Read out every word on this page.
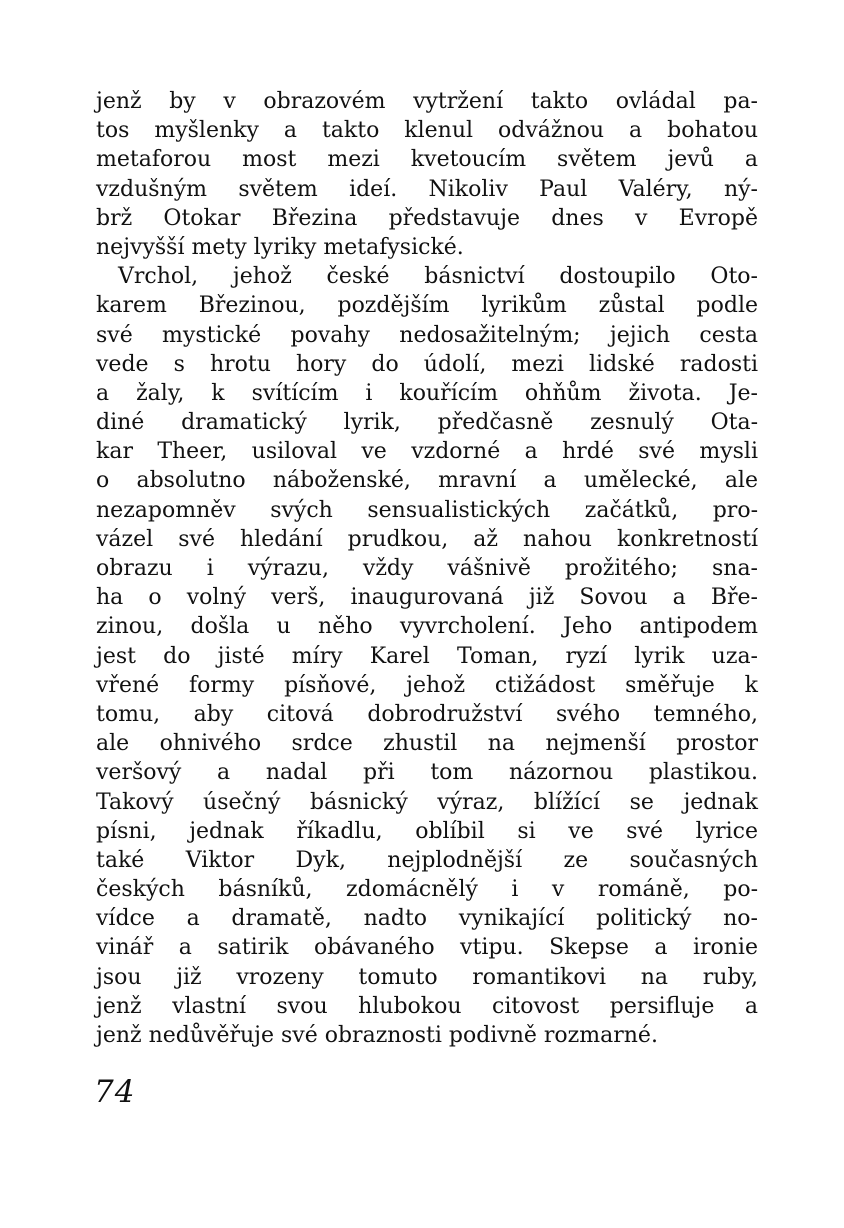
jenž by v obrazovém vytržení takto ovládal pa-
tos myšlenky a takto klenul odvážnou a bohatou
metaforou most mezi kvetoucím světem jevů a
vzdušným světem ideí. Nikoliv Paul Valéry, ný-
brž Otokar Březina představuje dnes v Evropě
nejvyšší mety lyriky metafysické.
Vrchol, jehož české básnictví dostoupilo Oto-
karem Březinou, pozdějším lyrikům zůstal podle
své mystické povahy nedosažitelným; jejich cesta
vede s hrotu hory do údolí, mezi lidské radosti
a žaly, k svítícím i kouřícím ohňům života. Je-
diné dramatický lyrik, předčasně zesnulý Ota-
kar Theer, usiloval ve vzdorné a hrdé své mysli
o absolutno náboženské, mravní a umělecké, ale
nezapomněv svých sensualistických začátků, pro-
vázel své hledání prudkou, až nahou konkretností
obrazu i výrazu, vždy vášnivě prožitého; sna-
ha o volný verš, inaugurovaná již Sovou a Bře-
zinou, došla u něho vyvrcholení. Jeho antipodem
jest do jisté míry Karel Toman, ryzí lyrik uza-
vřené formy písňové, jehož ctižádost směřuje k
tomu, aby citová dobrodružství svého temného,
ale ohnivého srdce zhustil na nejmenší prostor
veršový a nadal při tom názornou plastikou.
Takový úsečný básnický výraz, blížící se jednak
písni, jednak říkadlu, oblíbil si ve své lyrice
také Viktor Dyk, nejplodnější ze současných
českých básníků, zdomácnělý i v románě, po-
vídce a dramatě, nadto vynikající politický no-
vinář a satirik obávaného vtipu. Skepse a ironie
jsou již vrozeny tomuto romantikovi na ruby,
jenž vlastní svou hlubokou citovost persifluje a
jenž nedůvěřuje své obraznosti podivně rozmarné.
74
